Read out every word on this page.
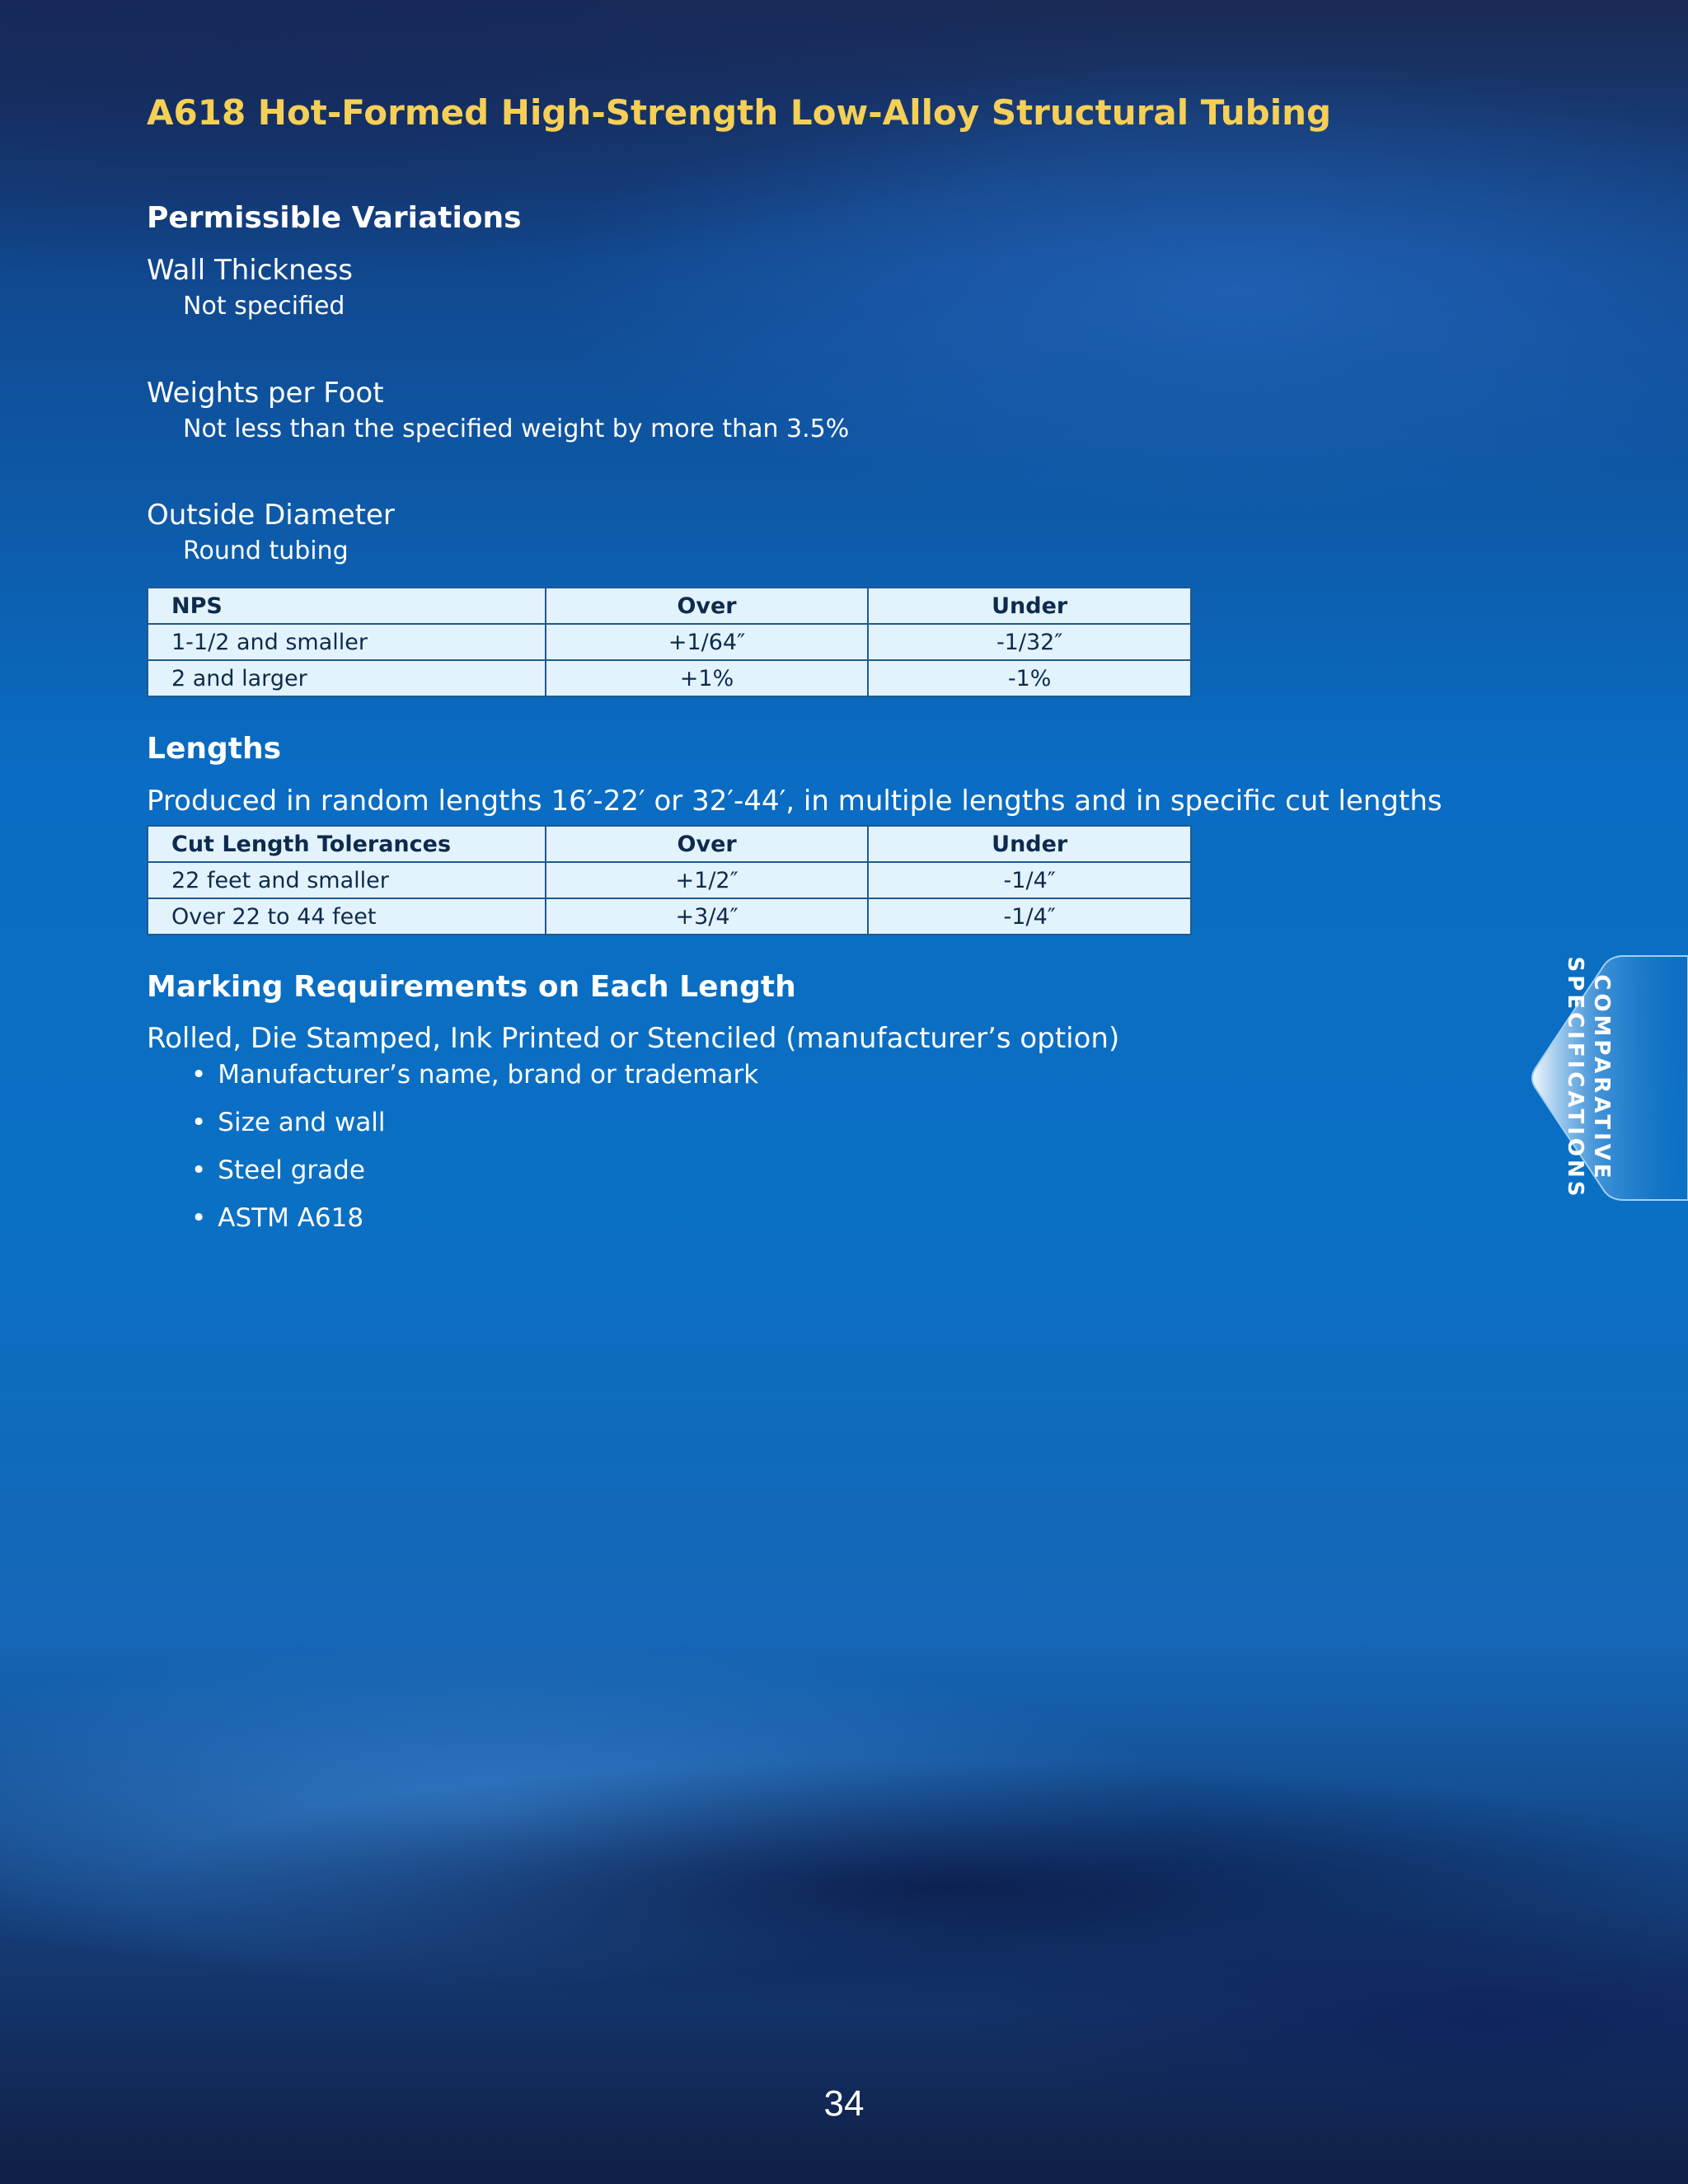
A618 Hot-Formed High-Strength Low-Alloy Structural Tubing
Permissible Variations
Wall Thickness
Not specified
Weights per Foot
Not less than the specified weight by more than 3.5%
Outside Diameter
Round tubing
NPS	Over	Under
1-1/2 and smaller	+1/64″	-1/32″
2 and larger	+1%	-1%
Lengths
Produced in random lengths 16′-22′ or 32′-44′, in multiple lengths and in specific cut lengths
Cut Length Tolerances	Over	Under
22 feet and smaller	+1/2″	-1/4″
Over 22 to 44 feet	+3/4″	-1/4″
Marking Requirements on Each Length
Rolled, Die Stamped, Ink Printed or Stenciled (manufacturer’s option)
• Manufacturer’s name, brand or trademark
• Size and wall
• Steel grade
• ASTM A618
COMPARATIVE
SPECIFICATIONS
34
